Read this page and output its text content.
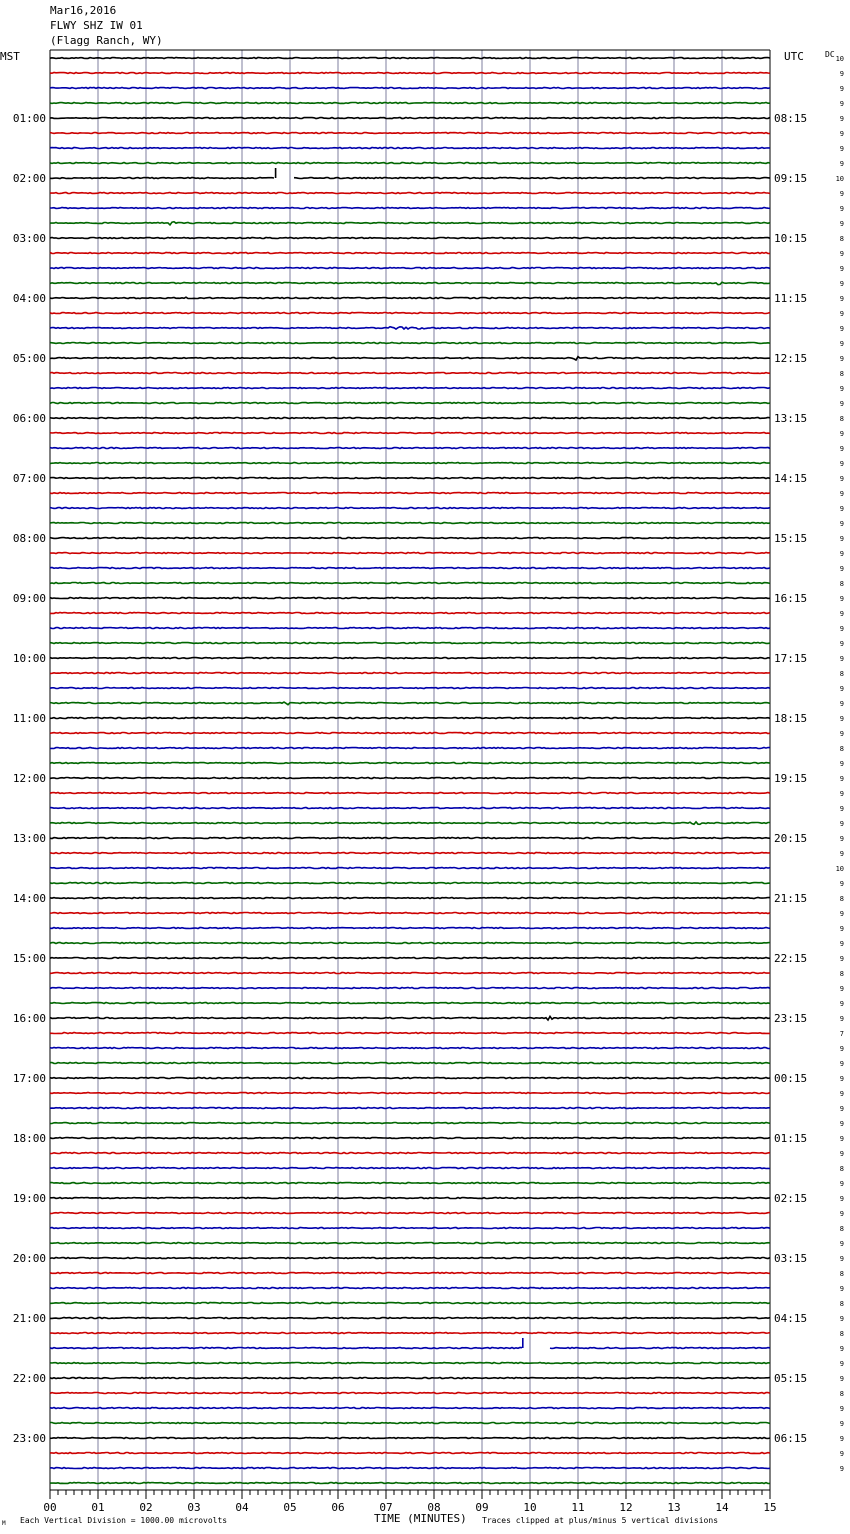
01:00
02:00
03:00
04:00
05:00
06:00
07:00
08:00
09:00
10:00
11:00
12:00
13:00
14:00
15:00
16:00
17:00
18:00
19:00
20:00
21:00
22:00
23:00
08:15
09:15
10:15
11:15
12:15
13:15
14:15
15:15
16:15
17:15
18:15
19:15
20:15
21:15
22:15
23:15
00:15
01:15
02:15
03:15
04:15
05:15
06:15
10
9
9
9
9
9
9
9
10
9
9
9
8
9
9
9
9
9
9
9
9
8
9
9
8
9
9
9
9
9
9
9
9
9
9
8
9
9
9
9
9
8
9
9
9
9
8
9
9
9
9
9
9
9
10
9
8
9
9
9
9
8
9
9
9
7
9
9
9
9
9
9
9
9
8
9
9
9
8
9
9
8
9
8
9
8
9
9
9
8
9
9
9
9
9
00	01	02	03	04	05	06	07	08	09	10	11	12	13	14	15
Mar16,2016
FLWY SHZ IW 01
(Flagg Ranch, WY)
MST	UTC	DC
TIME (MINUTES)
Each Vertical Division = 1000.00 microvolts	Traces clipped at plus/minus 5 vertical divisions
M
